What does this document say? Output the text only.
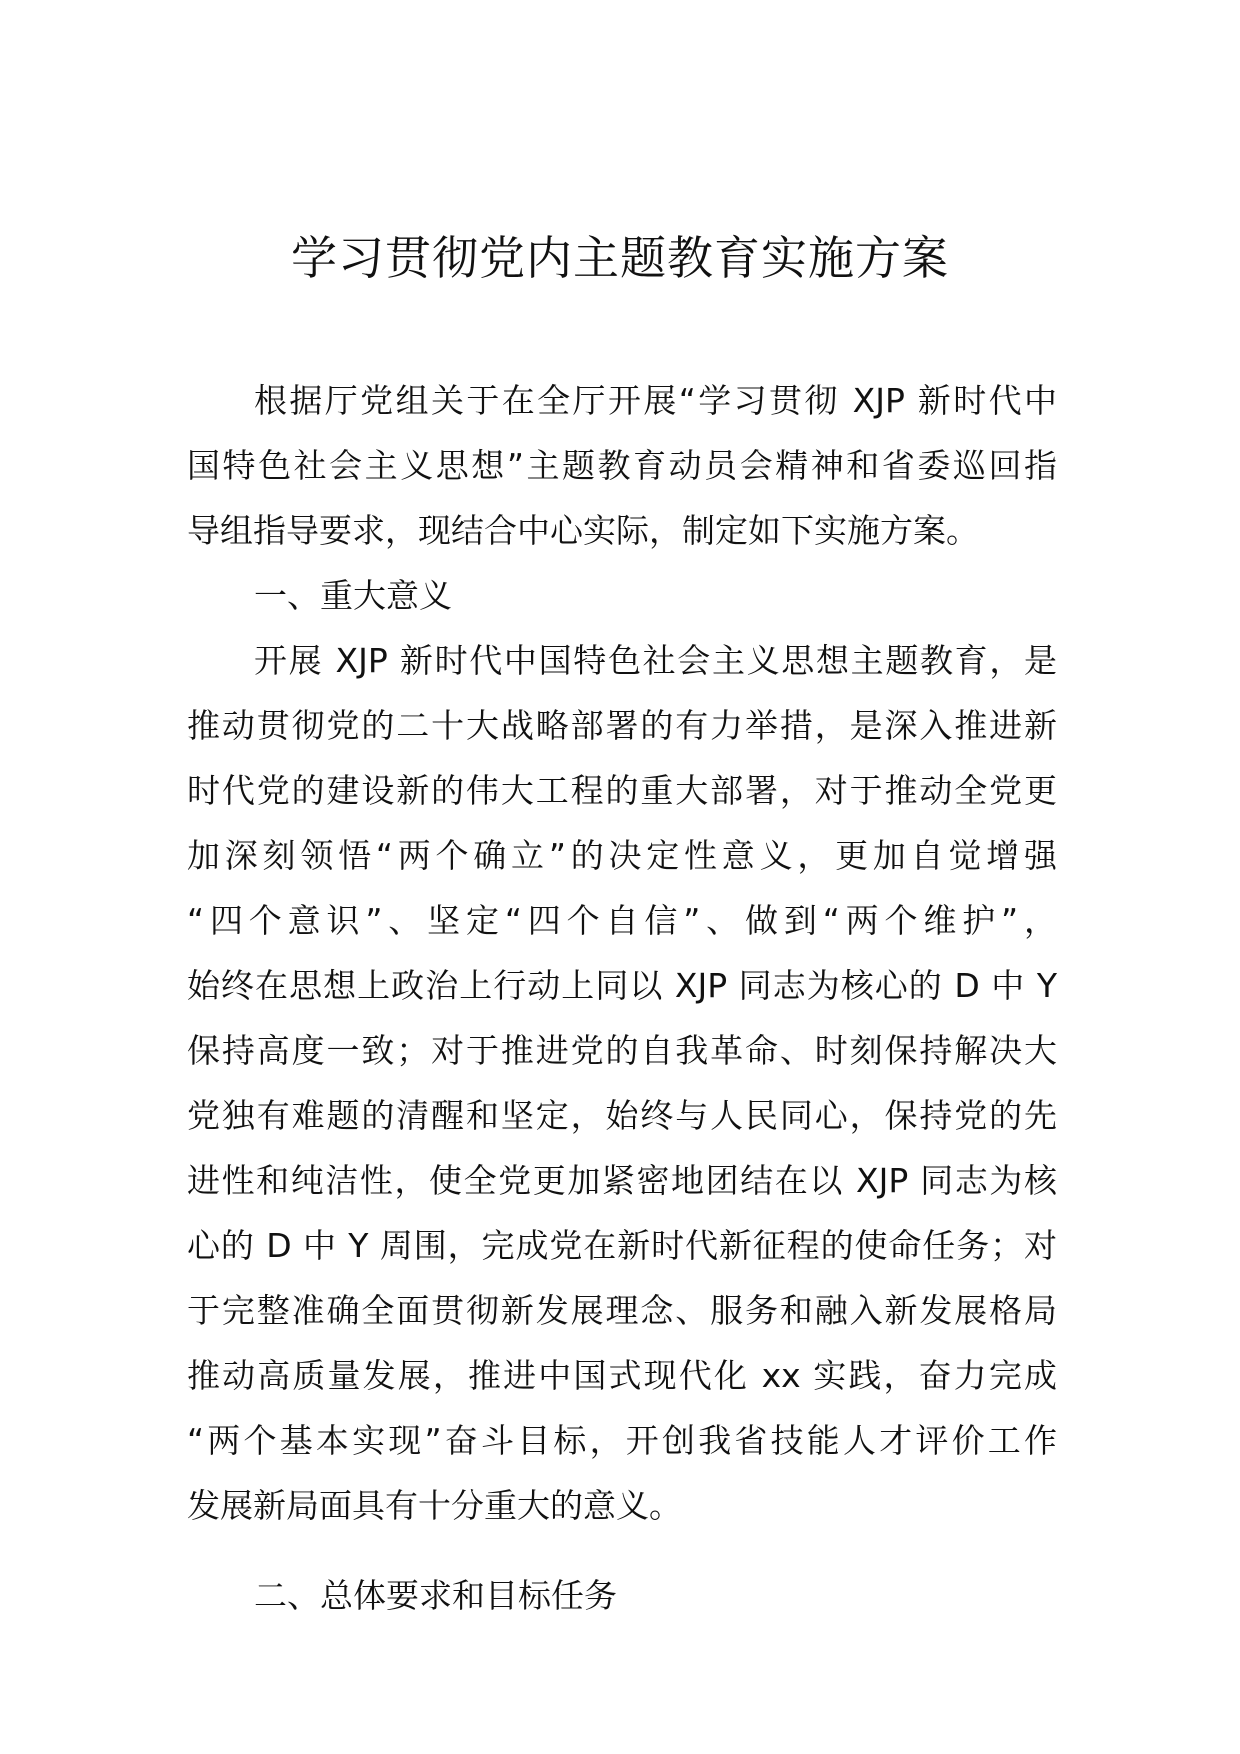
学习贯彻党内主题教育实施方案

根据厅党组关于在全厅开展“学习贯彻 XJP 新时代中

国特色社会主义思想”主题教育动员会精神和省委巡回指

导组指导要求，现结合中心实际，制定如下实施方案。

一、重大意义

开展 XJP 新时代中国特色社会主义思想主题教育，是

推动贯彻党的二十大战略部署的有力举措，是深入推进新

时代党的建设新的伟大工程的重大部署，对于推动全党更

加深刻领悟“两个确立”的决定性意义，更加自觉增强

“四个意识”、坚定“四个自信”、做到“两个维护”，

始终在思想上政治上行动上同以 XJP 同志为核心的 D 中 Y

保持高度一致；对于推进党的自我革命、时刻保持解决大

党独有难题的清醒和坚定，始终与人民同心，保持党的先

进性和纯洁性，使全党更加紧密地团结在以 XJP 同志为核

心的 D 中 Y 周围，完成党在新时代新征程的使命任务；对

于完整准确全面贯彻新发展理念、服务和融入新发展格局

推动高质量发展，推进中国式现代化 xx 实践，奋力完成

“两个基本实现”奋斗目标，开创我省技能人才评价工作

发展新局面具有十分重大的意义。

二、总体要求和目标任务
